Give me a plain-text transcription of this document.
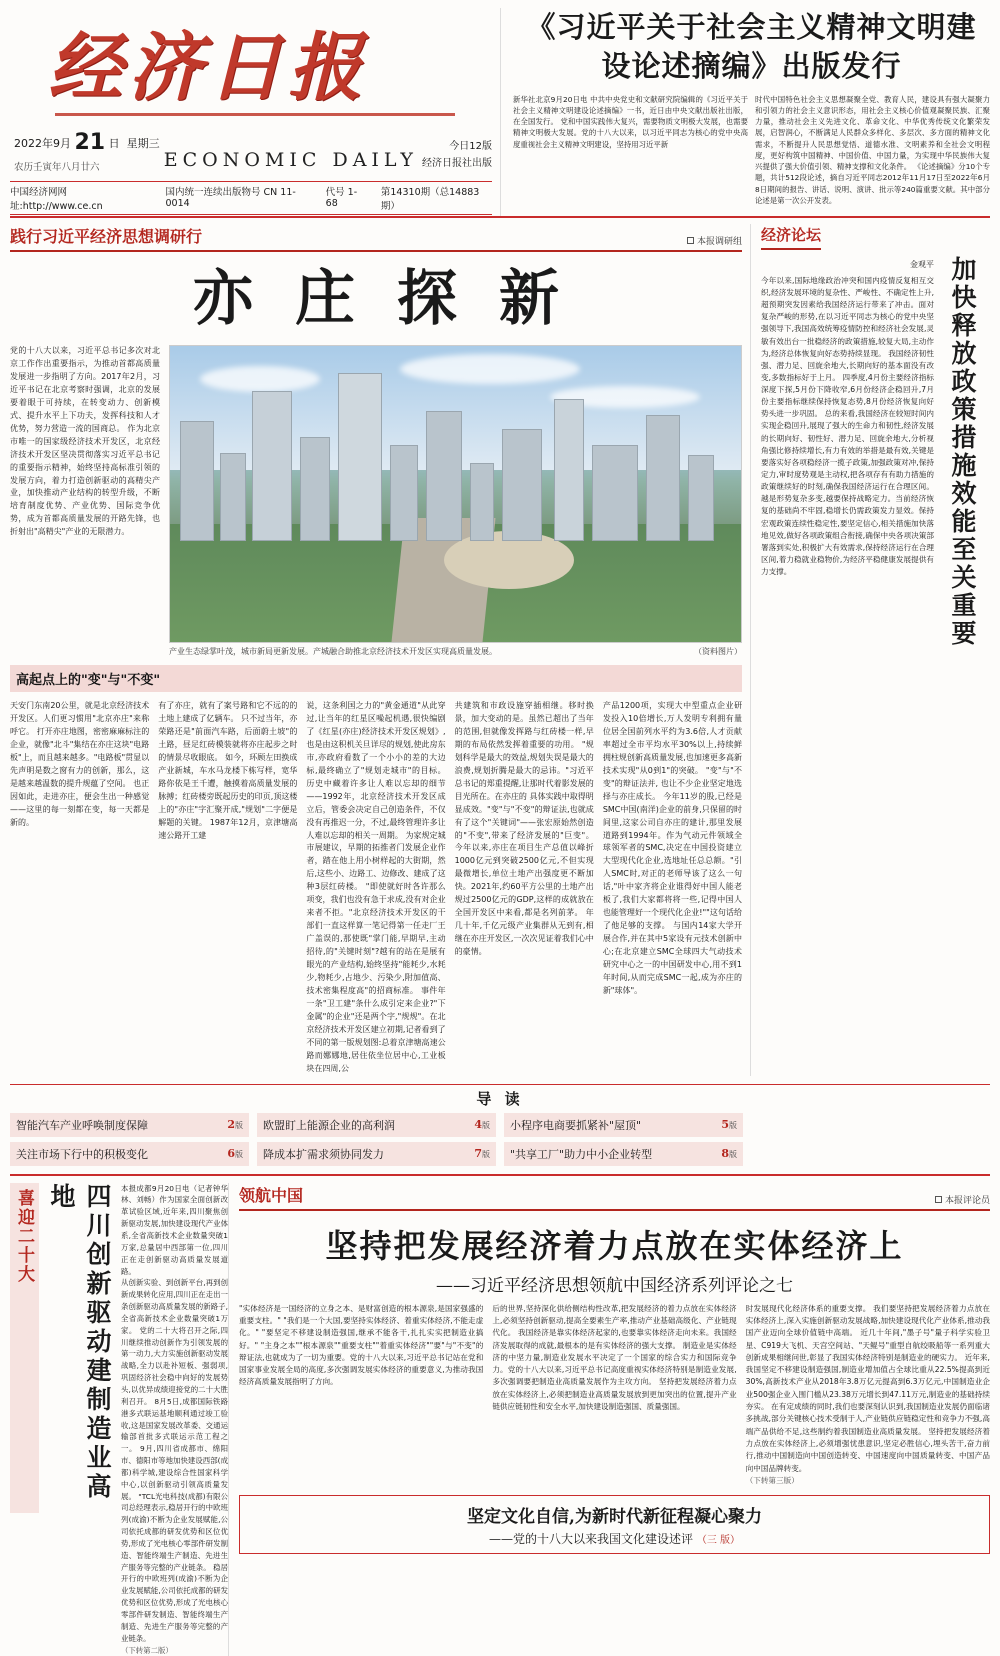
经济日报
2022年9月 21 日 星期三
农历壬寅年八月廿六	ECONOMIC DAILY
今日12版
经济日报社出版
中国经济网网址:http://www.ce.cn
国内统一连续出版物号 CN 11-0014
代号 1-68
第14310期（总14883期）
《习近平关于社会主义精神文明建设论述摘编》出版发行
新华社北京9月20日电 中共中央党史和文献研究院编辑的《习近平关于社会主义精神文明建设论述摘编》一书，近日由中央文献出版社出版，在全国发行。 党和中国实践伟大复兴，需要物质文明极大发展，也需要精神文明极大发展。党的十八大以来，以习近平同志为核心的党中央高度重视社会主义精神文明建设，坚持用习近平新
时代中国特色社会主义思想凝聚全党、教育人民，建设具有强大凝聚力和引领力的社会主义意识形态，用社会主义核心价值观凝聚民族、汇聚力量，推动社会主义先进文化、革命文化、中华优秀传统文化繁荣发展，启智润心，不断满足人民群众多样化、多层次、多方面的精神文化需求，不断提升人民思想觉悟、道德水准、文明素养和全社会文明程度，更好构筑中国精神、中国价值、中国力量，为实现中华民族伟大复兴提供了强大价值引领、精神支撑和文化条件。 《论述摘编》分10个专题，共计512段论述，摘自习近平同志2012年11月17日至2022年6月8日期间的报告、讲话、说明、演讲、批示等240篇重要文献。其中部分论述是第一次公开发表。
践行习近平经济思想调研行	本报调研组
亦庄探新
党的十八大以来，习近平总书记多次对北京工作作出重要指示，为推动首都高质量发展进一步指明了方向。2017年2月，习近平书记在北京考察时强调，北京的发展要着眼于可持续，在转变动力、创新模式、提升水平上下功夫，发挥科技和人才优势，努力营造一流的国商总。 作为北京市唯一的国家级经济技术开发区，北京经济技术开发区坚决贯彻落实习近平总书记的重要指示精神，始终坚持高标准引领的发展方向，着力打造创新驱动的高精尖产业，加快推动产业结构的转型升级，不断培育制度优势、产业优势、国际竞争优势，成为首都高质量发展的开路先锋，也折射出"高精尖"产业的无限潜力。
产业生态绿掌叶茂，城市新局更新发展。产城融合助推北京经济技术开发区实现高质量发展。	（资料图片）
高起点上的"变"与"不变"
天安门东南20公里，就是北京经济技术开发区。人们更习惯用"北京亦庄"来称呼它。 打开亦庄地图，密密麻麻标注的企业，就像"北斗"集结在亦庄这块"电路板"上，而且越来越多。"电路板"贯显以先声明是数之窗有力的创新，那么，这是越来越温数的提升规蕴了空间。 也正因如此，走进亦庄，便会生出一种感觉——这里的每一刻都在变，每一天都是新的。
有了亦庄，就有了案号路和它不远的的土地上建成了亿辆车。 只不过当年，亦荣路还是"前面汽车路，后面蔚土坡"的土路，昼足红砖模装就将亦庄起步之时的情景尽收眼底。 如今，环顾左田换成产业新城，车水马龙楼下栋写样，宽华路你依是王千遭，触摸着高质量发展的脉搏；红砖楼旁既起历史的印页,顶这楼上的"亦庄"字汇聚开成,"规划"二字便是解题的关键。 1987年12月，京津塘高速公路开工建
说，这条利国之力的"黄金通道"从此穿过,让当年的红星区噪起机遇,很快编剧了《红星(亦庄)经济技术开发区规划》,也是由这积机关旦详尽的规划,使此房东市,亦政府看数了一个小小的差的大边标,最终确立了"规划走城市"的目标。 历史中藏着许多让人难以忘却的细节——1992年，北京经济技术开发区成立后，管委会决定自己创造条件，不仅没有再推迟一分，不过,最终管理许多让人难以忘却的相关一周期。 为家规定城市展建议，早期的拓推者门发展企业作者，踏在他上用小树样起的大街期，然后,这些小、边路工、边修改、建成了这种3层红砖楼。 "即使就好时各许那么项变，我们也没有急于求成,没有对企业来者不拒。"北京经济技术开发区的干部们一直这样算一笔记得第一任走厂王广盖误的,那使既"掌门能,早期早,主动招待,的"关键时刻"?越有的站在是展有眼光的产业结构,始终坚持"能耗少,水耗少,物耗少,占地少、污染少,附加值高、技术密集程度高"的招商标准。 事件年一条"卫工建"条什么成引定来企业?"下金属"的企业"还是两个字,"规规"。在北京经济技术开发区建立初期,记者看到了不同的第一版规划图:总着京津塘高速公路而娜娜地,居住依坐位居中心,工业板块在四周,公
共建筑和市政设施穿插相继。移时换景，加大变动的是。虽然已超出了当年的范围,但就像发挥路与红砖楼一样,早期的布局依然发挥着重要的功用。 "规划科学是最大的效益,规划失误是最大的浪费,规划折腾是最大的忌讳。"习近平总书记的郑重提醒,让那时代着影发展的目光所在。在亦庄的 具体实践中取得明显成效。"变"与"不变"的辩证法,也就成有了这个"关键词"——张宏原始然创造的"不变",带来了经济发展的"巨变"。 今年以来,亦庄在项目生产总值以峰折1000亿元到突破2500亿元,不但实现最微增长,单位土地产出强度更不断加快。2021年,约60平方公里的土地产出规过2500亿元的GDP,这样的成就放在全国开发区中来看,都是名列前茅。 年几十年,千亿元级产业集群从无到有,相继在亦庄开发区,一次次见证着我们心中的豪情。
产品1200项，实现大中型重点企业研发投入10倍增长,万人发明专利拥有量位居全国前列水平约为3.6倍,人才贡献率超过全市平均水平30%以上,持续鲜拥柱规创新高质量发展,也加速更多高新技术实现"从0到1"的突破。 "变"与"不变"的辩证法并, 也让不少企业坚定地选择与亦庄成长。 今年11岁的股,已经是SMC中国(南洋)企业的前身,只保留的时间里,这家公司自亦庄的建计,那里发展道路到1994年。作为气动元件领域全球领军者的SMC,决定在中国投资建立大型现代化企业,选地址任总总额。"引人SMC时,对正的老师导该了这么一句话,"叶中家齐将企业谁得好中国人能老板了,我们大家都将将一些,记得中国人也能管理好一个现代化企业!""这句话给了他足够的支撑。 与国内14家大学开展合作,并在其中5家设有元技术创新中心;在北京建立SMC全球四大气动技术研究中心之一的中国研发中心,用不到1年时间,从而完成SMC一起,成为亦庄的新"球体"。
经济论坛
金观平
今年以来,国际地缘政治冲突和国内疫情反复相互交织,经济发展环境的复杂性、严峻性、不确定性上升,超预期突发因素给我国经济运行带来了冲击。面对复杂严峻的形势,在以习近平同志为核心的党中央坚强领导下,我国高效统筹疫情防控和经济社会发展,灵敏有效出台一批稳经济的政策措施,较复大局,主动作为,经济总体恢复向好态势持续显现。 我国经济韧性强、潜力足、回旋余地大,长期向好的基本面没有改变,多数指标好于上月。 四季度,4月份主要经济指标深度下探,5月份下降收窄,6月份经济企稳回升,7月份主要指标继续保持恢复态势,8月份经济恢复向好势头进一步巩固。 总的来看,我国经济在较短时间内实现企稳回升,展现了强大的生命力和韧性,经济发展的长期向好、韧性好、潜力足、回旋余地大,分析视角强比修持续增长,有力有效的举措是最有效,关键是要落实好各项稳经济一揽子政策,加强政策对冲,保持定力,审时度势观是主动权,把各项存有有助力措施的政策继续好的时刻,确保我国经济运行在合理区间。 越是形势复杂多变,越要保持战略定力。当前经济恢复的基础尚不牢固,稳增长仍需政策发力显效。保持宏观政策连续性稳定性,要坚定信心,相关措施加快落地见效,做好各项政策组合衔接,确保中央各项决策部署落到实处,积极扩大有效需求,保持经济运行在合理区间,着力稳就业稳物价,为经济平稳健康发展提供有力支撑。	加快释放政策措施效能至关重要
导 读
智能汽车产业呼唤制度保障	2版 欧盟盯上能源企业的高利润	4版 小程序电商要抓紧补"屋顶"	5版
关注市场下行中的积极变化	6版 降成本扩需求须协同发力	7版 "共享工厂"助力中小企业转型	8版
喜迎二十大	四川创新驱动建制造业高地	本报成都9月20日电（记者钟华林、刘畅）作为国家全面创新改革试验区域,近年来,四川聚焦创新驱动发展,加快建设现代产业体系,全省高新技术企业数量突破1万家,总量居中西部第一位,四川正在走创新驱动高质量发展道路。
从创新实验、到创新平台,再到创新成果转化应用,四川正在走出一条创新驱动高质量发展的新路子,全省高新技术企业数量突破1万家。 党的二十大将召开之际,四川继续推动创新作为引领发展的第一动力,大力实施创新驱动发展战略,全力以赴补短板、强弱项,巩固经济社会稳中向好的发展势头,以优异成绩迎接党的二十大胜利召开。 8月5日,成都国际铁路港多式联运基地顺利通过竣工验收,这是国家发展改革委、交通运输部首批多式联运示范工程之一。 9月,四川省成都市、绵阳市、德阳市等地加快建设西部(成都)科学城,建设综合性国家科学中心,以创新驱动引领高质量发展。 "TCL光电科技(成都)有限公司总经理表示,稳居开行的中欧班列(成渝)不断为企业发展赋能,公司依托成都的研发优势和区位优势,形成了光电核心零部件研发制造、智能终端生产制造、先进生产服务等完整的产业链条。 稳居开行的中欧班列(成渝)不断为企业发展赋能,公司依托成都的研发优势和区位优势,形成了光电核心零部件研发制造、智能终端生产制造、先进生产服务等完整的产业链条。
（下转第二版）
领航中国	本报评论员
坚持把发展经济着力点放在实体经济上
——习近平经济思想领航中国经济系列评论之七
"实体经济是一国经济的立身之本、是财富创造的根本源泉,是国家强盛的重要支柱。" "我们是一个大国,要坚持实体经济、着重实体经济,不能走虚化。" "要坚定不移建设制造强国,继承不能各干,扎扎实实把制造业搞好。" "主身之本""根本源泉""重要支柱""着重实体经济""要"与"不变"的辩证法,也就成为了一切为重要。党的十八大以来,习近平总书记站在党和国家事业发展全局的高度,多次强调发展实体经济的重要意义,为推动我国经济高质量发展指明了方向。
后的世界,坚持深化供给侧结构性改革,把发展经济的着力点放在实体经济上,必须坚持创新驱动,提高全要素生产率,推动产业基础高级化、产业链现代化。 我国经济是靠实体经济起家的,也要靠实体经济走向未来。我国经济发展取得的成就,最根本的是有实体经济的强大支撑。 制造业是实体经济的中坚力量,制造业发展水平决定了一个国家的综合实力和国际竞争力。党的十八大以来,习近平总书记高度重视实体经济特别是制造业发展,多次强调要把制造业高质量发展作为主攻方向。 坚持把发展经济着力点放在实体经济上,必须把制造业高质量发展放到更加突出的位置,提升产业链供应链韧性和安全水平,加快建设制造强国、质量强国。
时发展现代化经济体系的重要支撑。 我们要坚持把发展经济着力点放在实体经济上,深入实施创新驱动发展战略,加快建设现代化产业体系,推动我国产业迈向全球价值链中高端。 近几十年间,"墨子号"量子科学实验卫星、C919大飞机、天宫空间站、"天鲲号"重型自航绞吸船等一系列重大创新成果相继问世,彰显了我国实体经济特别是制造业的硬实力。 近年来,我国坚定不移建设制造强国,制造业增加值占全球比重从22.5%提高到近30%,高新技术产业从2018年3.8万亿元提高到6.3万亿元,中国制造业企业500强企业入围门槛从23.38万元增长到47.11万元,制造业的基础持续夯实。 在有定成绩的同时,我们也要深刻认识到,我国制造业发展仍面临诸多挑战,部分关键核心技术受制于人,产业链供应链稳定性和竞争力不强,高端产品供给不足,这些制约着我国制造业高质量发展。 坚持把发展经济着力点放在实体经济上,必须增强忧患意识,坚定必胜信心,埋头苦干,奋力前行,推动中国制造向中国创造转变、中国速度向中国质量转变、中国产品向中国品牌转变。
（下转第三版）
坚定文化自信,为新时代新征程凝心聚力
——党的十八大以来我国文化建设述评 （三 版）
